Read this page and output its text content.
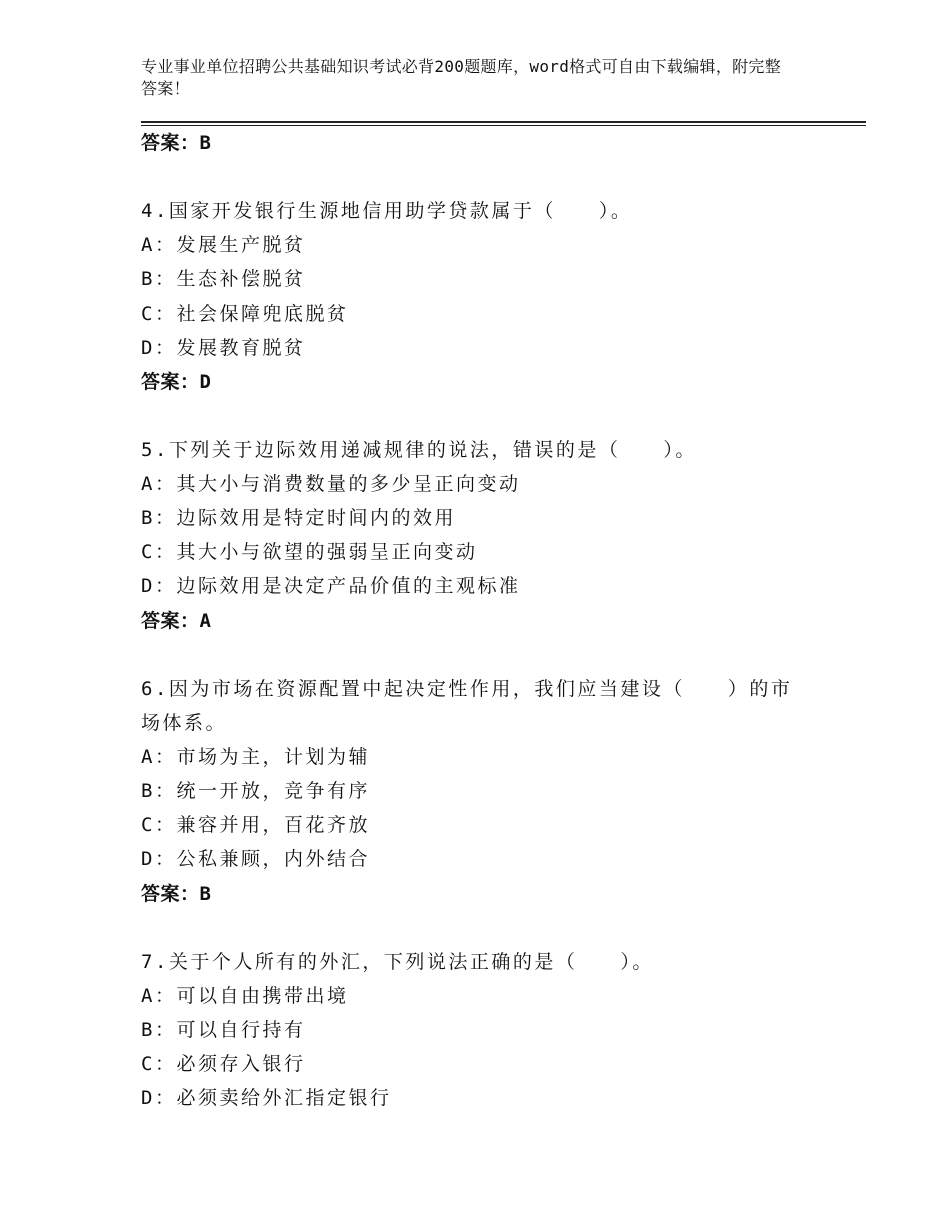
专业事业单位招聘公共基础知识考试必背200题题库，word格式可自由下载编辑，附完整答案！
答案：B
4.国家开发银行生源地信用助学贷款属于（　　）。
A：发展生产脱贫
B：生态补偿脱贫
C：社会保障兜底脱贫
D：发展教育脱贫
答案：D
5.下列关于边际效用递减规律的说法，错误的是（　　）。
A：其大小与消费数量的多少呈正向变动
B：边际效用是特定时间内的效用
C：其大小与欲望的强弱呈正向变动
D：边际效用是决定产品价值的主观标准
答案：A
6.因为市场在资源配置中起决定性作用，我们应当建设（　　）的市
场体系。
A：市场为主，计划为辅
B：统一开放，竞争有序
C：兼容并用，百花齐放
D：公私兼顾，内外结合
答案：B
7.关于个人所有的外汇，下列说法正确的是（　　）。
A：可以自由携带出境
B：可以自行持有
C：必须存入银行
D：必须卖给外汇指定银行
